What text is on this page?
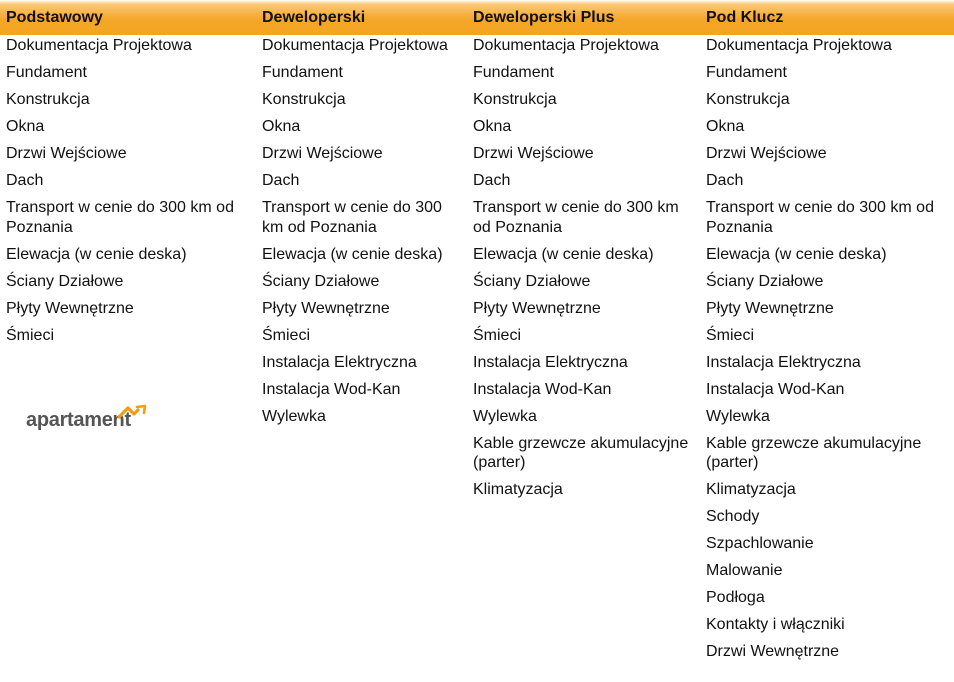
Podstawowy
Dokumentacja Projektowa
Fundament
Konstrukcja
Okna
Drzwi Wejściowe
Dach
Transport w cenie do 300 km od Poznania
Elewacja (w cenie deska)
Ściany Działowe
Płyty Wewnętrzne
Śmieci
Deweloperski
Dokumentacja Projektowa
Fundament
Konstrukcja
Okna
Drzwi Wejściowe
Dach
Transport w cenie do 300 km od Poznania
Elewacja (w cenie deska)
Ściany Działowe
Płyty Wewnętrzne
Śmieci
Instalacja Elektryczna
Instalacja Wod-Kan
Wylewka
Deweloperski Plus
Dokumentacja Projektowa
Fundament
Konstrukcja
Okna
Drzwi Wejściowe
Dach
Transport w cenie do 300 km od Poznania
Elewacja (w cenie deska)
Ściany Działowe
Płyty Wewnętrzne
Śmieci
Instalacja Elektryczna
Instalacja Wod-Kan
Wylewka
Kable grzewcze akumulacyjne (parter)
Klimatyzacja
Pod Klucz
Dokumentacja Projektowa
Fundament
Konstrukcja
Okna
Drzwi Wejściowe
Dach
Transport w cenie do 300 km od Poznania
Elewacja (w cenie deska)
Ściany Działowe
Płyty Wewnętrzne
Śmieci
Instalacja Elektryczna
Instalacja Wod-Kan
Wylewka
Kable grzewcze akumulacyjne (parter)
Klimatyzacja
Schody
Szpachlowanie
Malowanie
Podłoga
Kontakty i włączniki
Drzwi Wewnętrzne
apartament
